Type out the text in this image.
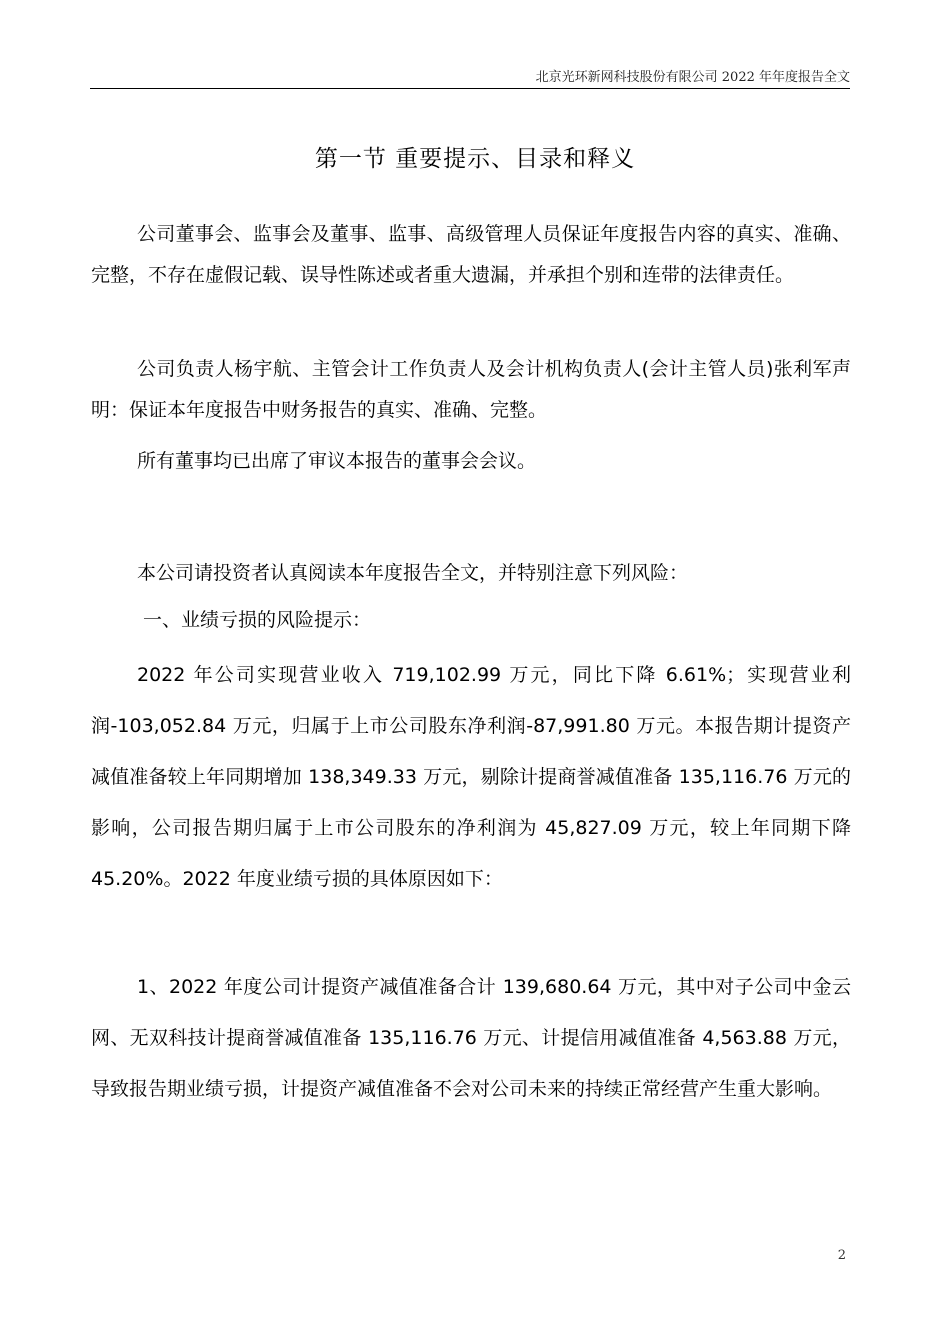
北京光环新网科技股份有限公司 2022 年年度报告全文
第一节 重要提示、目录和释义
公司董事会、监事会及董事、监事、高级管理人员保证年度报告内容的真实、准确、完整，不存在虚假记载、误导性陈述或者重大遗漏，并承担个别和连带的法律责任。
公司负责人杨宇航、主管会计工作负责人及会计机构负责人(会计主管人员)张利军声明：保证本年度报告中财务报告的真实、准确、完整。
所有董事均已出席了审议本报告的董事会会议。
本公司请投资者认真阅读本年度报告全文，并特别注意下列风险：
一、业绩亏损的风险提示：
2022 年公司实现营业收入 719,102.99 万元，同比下降 6.61%；实现营业利润-103,052.84 万元，归属于上市公司股东净利润-87,991.80 万元。本报告期计提资产减值准备较上年同期增加 138,349.33 万元，剔除计提商誉减值准备 135,116.76 万元的影响，公司报告期归属于上市公司股东的净利润为 45,827.09 万元，较上年同期下降 45.20%。2022 年度业绩亏损的具体原因如下：
1、2022 年度公司计提资产减值准备合计 139,680.64 万元，其中对子公司中金云网、无双科技计提商誉减值准备 135,116.76 万元、计提信用减值准备 4,563.88 万元，导致报告期业绩亏损，计提资产减值准备不会对公司未来的持续正常经营产生重大影响。
2
